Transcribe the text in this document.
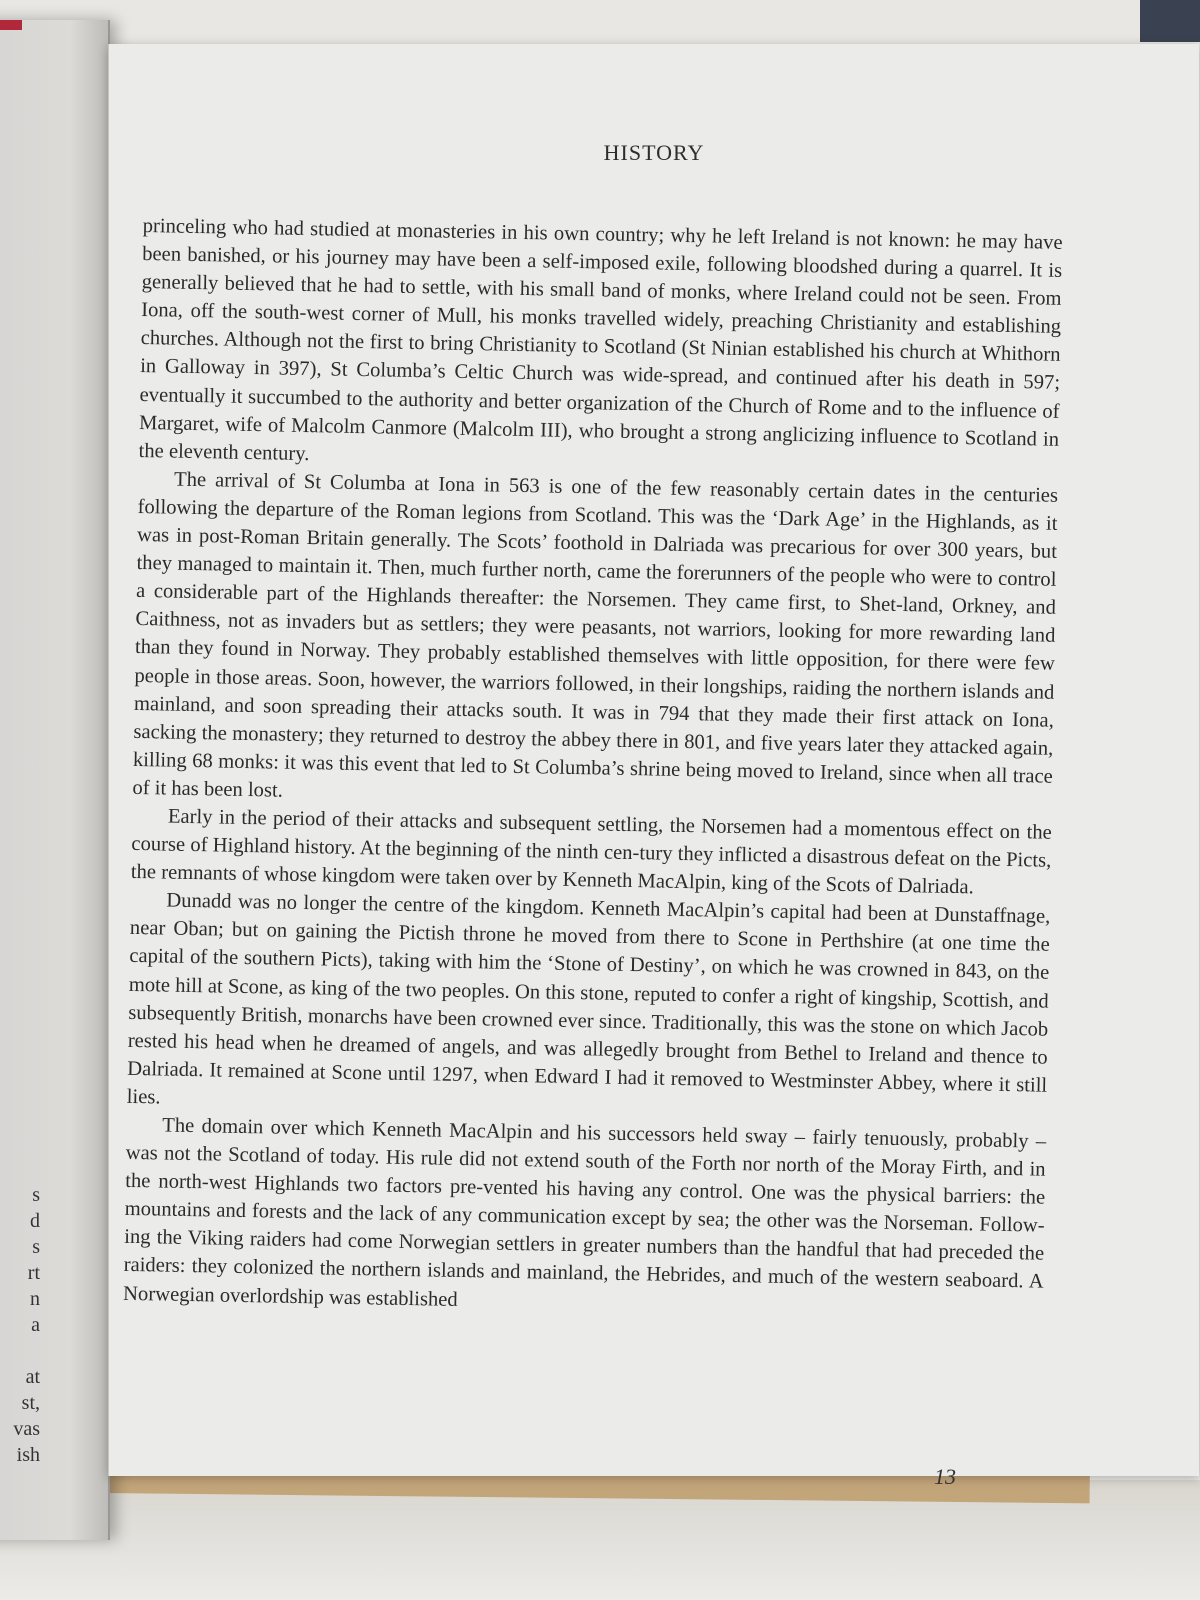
s
d
s
rt
n
a

at
st,
vas
ish
HISTORY

princeling who had studied at monasteries in his own country; why he left Ireland is not known: he may have been banished, or his journey may have been a self-imposed exile, following bloodshed during a quarrel. It is generally believed that he had to settle, with his small band of monks, where Ireland could not be seen. From Iona, off the south-west corner of Mull, his monks travelled widely, preaching Christianity and establishing churches. Although not the first to bring Christianity to Scotland (St Ninian established his church at Whithorn in Galloway in 397), St Columba’s Celtic Church was wide-spread, and continued after his death in 597; eventually it succumbed to the authority and better organization of the Church of Rome and to the influence of Margaret, wife of Malcolm Canmore (Malcolm III), who brought a strong anglicizing influence to Scotland in the eleventh century.

The arrival of St Columba at Iona in 563 is one of the few reasonably certain dates in the centuries following the departure of the Roman legions from Scotland. This was the ‘Dark Age’ in the Highlands, as it was in post-Roman Britain generally. The Scots’ foothold in Dalriada was precarious for over 300 years, but they managed to maintain it. Then, much further north, came the forerunners of the people who were to control a considerable part of the Highlands thereafter: the Norsemen. They came first, to Shet-land, Orkney, and Caithness, not as invaders but as settlers; they were peasants, not warriors, looking for more rewarding land than they found in Norway. They probably established themselves with little opposition, for there were few people in those areas. Soon, however, the warriors followed, in their longships, raiding the northern islands and mainland, and soon spreading their attacks south. It was in 794 that they made their first attack on Iona, sacking the monastery; they returned to destroy the abbey there in 801, and five years later they attacked again, killing 68 monks: it was this event that led to St Columba’s shrine being moved to Ireland, since when all trace of it has been lost.

Early in the period of their attacks and subsequent settling, the Norsemen had a momentous effect on the course of Highland history. At the beginning of the ninth cen-tury they inflicted a disastrous defeat on the Picts, the remnants of whose kingdom were taken over by Kenneth MacAlpin, king of the Scots of Dalriada.

Dunadd was no longer the centre of the kingdom. Kenneth MacAlpin’s capital had been at Dunstaffnage, near Oban; but on gaining the Pictish throne he moved from there to Scone in Perthshire (at one time the capital of the southern Picts), taking with him the ‘Stone of Destiny’, on which he was crowned in 843, on the mote hill at Scone, as king of the two peoples. On this stone, reputed to confer a right of kingship, Scottish, and subsequently British, monarchs have been crowned ever since. Traditionally, this was the stone on which Jacob rested his head when he dreamed of angels, and was allegedly brought from Bethel to Ireland and thence to Dalriada. It remained at Scone until 1297, when Edward I had it removed to Westminster Abbey, where it still lies.

The domain over which Kenneth MacAlpin and his successors held sway – fairly tenuously, probably – was not the Scotland of today. His rule did not extend south of the Forth nor north of the Moray Firth, and in the north-west Highlands two factors pre-vented his having any control. One was the physical barriers: the mountains and forests and the lack of any communication except by sea; the other was the Norseman. Follow-ing the Viking raiders had come Norwegian settlers in greater numbers than the handful that had preceded the raiders: they colonized the northern islands and mainland, the Hebrides, and much of the western seaboard. A Norwegian overlordship was established

13
